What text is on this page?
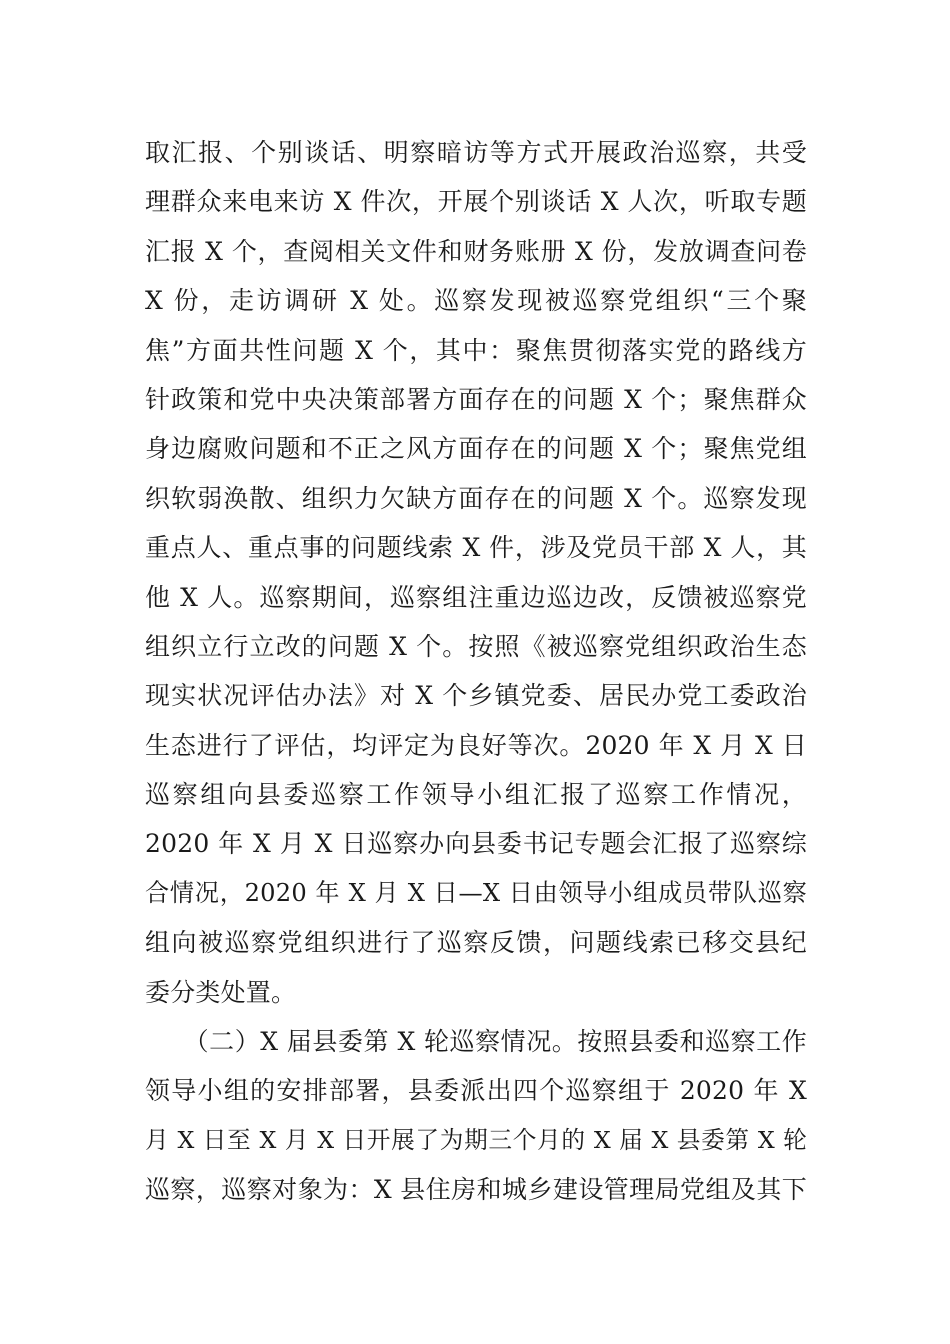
取汇报、个别谈话、明察暗访等方式开展政治巡察，共受
理群众来电来访 X 件次，开展个别谈话 X 人次，听取专题
汇报 X 个，查阅相关文件和财务账册 X 份，发放调查问卷
X 份，走访调研 X 处。巡察发现被巡察党组织“三个聚
焦”方面共性问题 X 个，其中：聚焦贯彻落实党的路线方
针政策和党中央决策部署方面存在的问题 X 个；聚焦群众
身边腐败问题和不正之风方面存在的问题 X 个；聚焦党组
织软弱涣散、组织力欠缺方面存在的问题 X 个。巡察发现
重点人、重点事的问题线索 X 件，涉及党员干部 X 人，其
他 X 人。巡察期间，巡察组注重边巡边改，反馈被巡察党
组织立行立改的问题 X 个。按照《被巡察党组织政治生态
现实状况评估办法》对 X 个乡镇党委、居民办党工委政治
生态进行了评估，均评定为良好等次。2020 年 X 月 X 日
巡察组向县委巡察工作领导小组汇报了巡察工作情况，
2020 年 X 月 X 日巡察办向县委书记专题会汇报了巡察综
合情况，2020 年 X 月 X 日—X 日由领导小组成员带队巡察
组向被巡察党组织进行了巡察反馈，问题线索已移交县纪
委分类处置。
　　（二）X 届县委第 X 轮巡察情况。按照县委和巡察工作
领导小组的安排部署，县委派出四个巡察组于 2020 年 X
月 X 日至 X 月 X 日开展了为期三个月的 X 届 X 县委第 X 轮
巡察，巡察对象为：X 县住房和城乡建设管理局党组及其下
